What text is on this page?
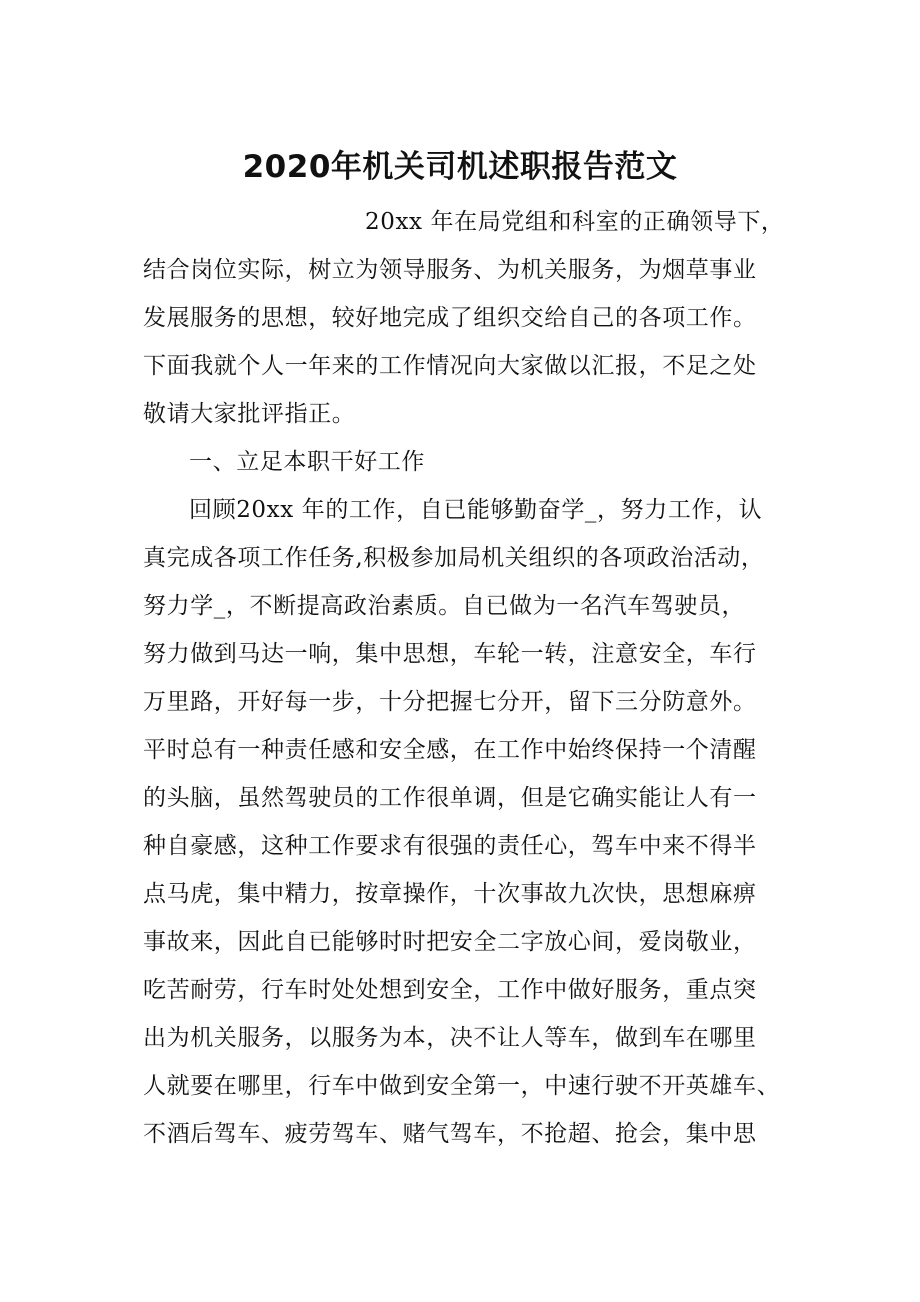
2020年机关司机述职报告范文
20xx 年在局党组和科室的正确领导下，
结合岗位实际，树立为领导服务、为机关服务，为烟草事业
发展服务的思想，较好地完成了组织交给自己的各项工作。
下面我就个人一年来的工作情况向大家做以汇报，不足之处
敬请大家批评指正。
一、立足本职干好工作
回顾20xx 年的工作，自已能够勤奋学_，努力工作，认
真完成各项工作任务,积极参加局机关组织的各项政治活动，
努力学_，不断提高政治素质。自已做为一名汽车驾驶员，
努力做到马达一响，集中思想，车轮一转，注意安全，车行
万里路，开好每一步，十分把握七分开，留下三分防意外。
平时总有一种责任感和安全感，在工作中始终保持一个清醒
的头脑，虽然驾驶员的工作很单调，但是它确实能让人有一
种自豪感，这种工作要求有很强的责任心，驾车中来不得半
点马虎，集中精力，按章操作，十次事故九次快，思想麻痹
事故来，因此自已能够时时把安全二字放心间，爱岗敬业，
吃苦耐劳，行车时处处想到安全，工作中做好服务，重点突
出为机关服务，以服务为本，决不让人等车，做到车在哪里
人就要在哪里，行车中做到安全第一，中速行驶不开英雄车、
不酒后驾车、疲劳驾车、赌气驾车，不抢超、抢会，集中思
